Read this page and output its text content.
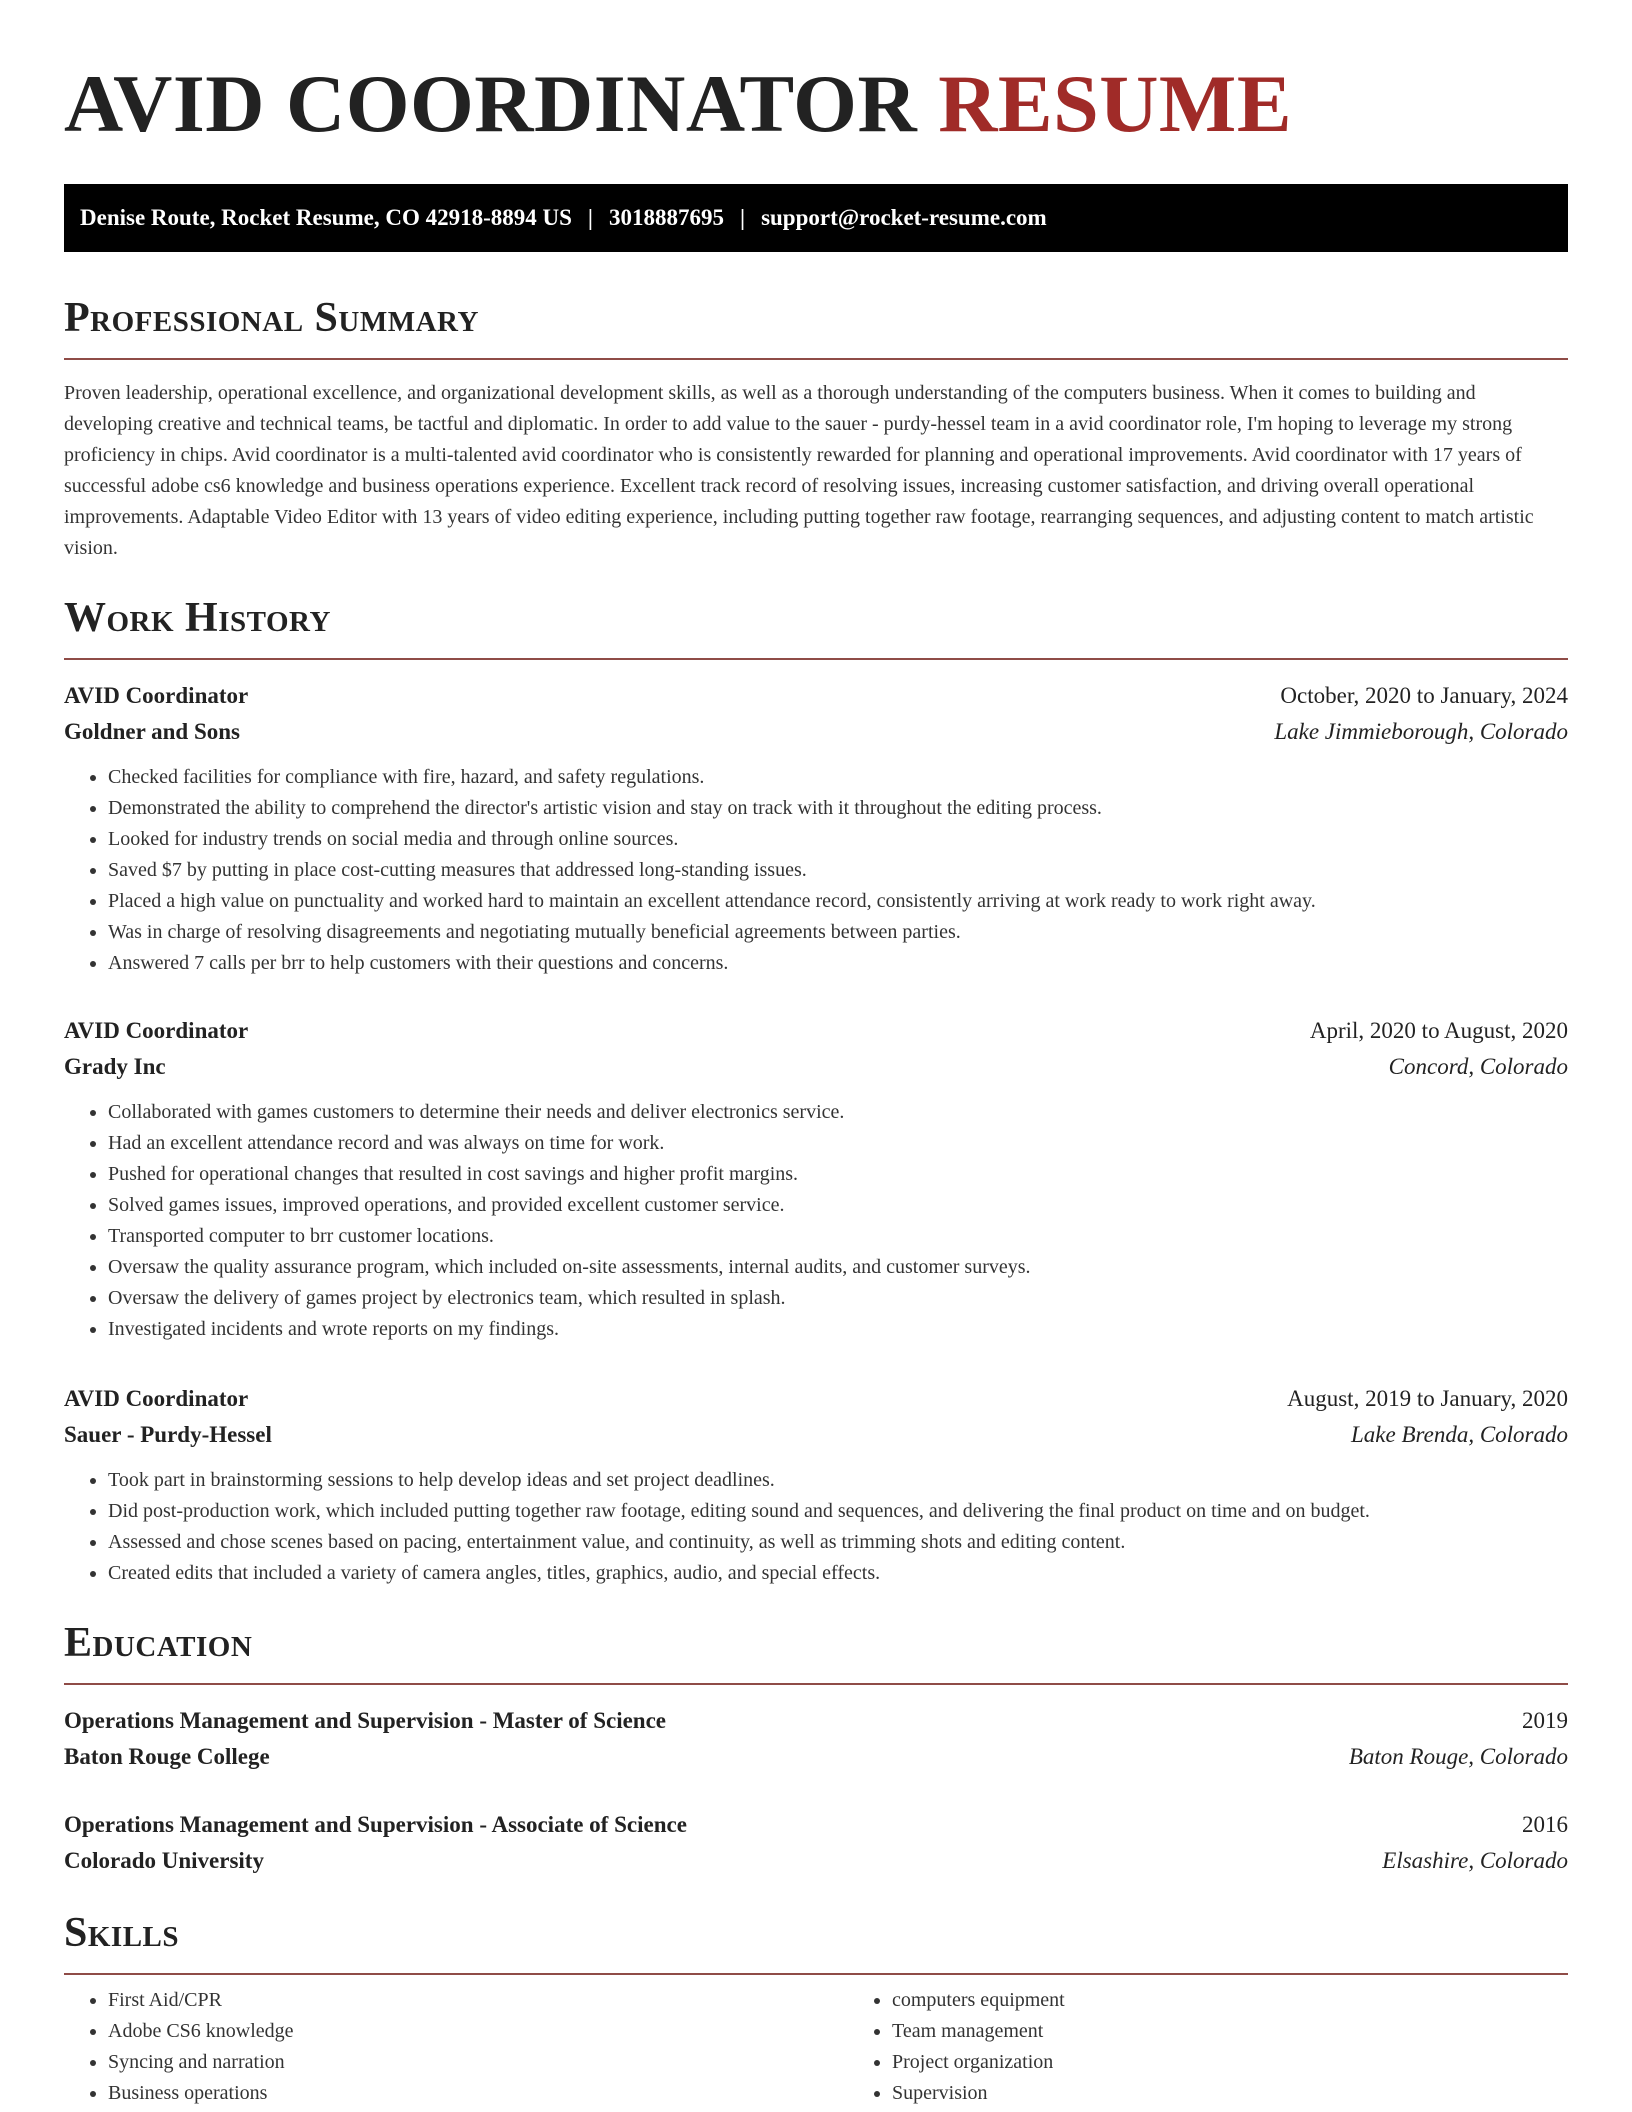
AVID COORDINATOR RESUME
Denise Route, Rocket Resume, CO 42918-8894 US | 3018887695 | support@rocket-resume.com
Professional Summary

Proven leadership, operational excellence, and organizational development skills, as well as a thorough understanding of the computers business. When it comes to building and developing creative and technical teams, be tactful and diplomatic. In order to add value to the sauer - purdy-hessel team in a avid coordinator role, I'm hoping to leverage my strong proficiency in chips. Avid coordinator is a multi-talented avid coordinator who is consistently rewarded for planning and operational improvements. Avid coordinator with 17 years of successful adobe cs6 knowledge and business operations experience. Excellent track record of resolving issues, increasing customer satisfaction, and driving overall operational improvements. Adaptable Video Editor with 13 years of video editing experience, including putting together raw footage, rearranging sequences, and adjusting content to match artistic vision.

Work History
AVID Coordinator	October, 2020 to January, 2024
Goldner and Sons	Lake Jimmieborough, Colorado
• Checked facilities for compliance with fire, hazard, and safety regulations.
• Demonstrated the ability to comprehend the director's artistic vision and stay on track with it throughout the editing process.
• Looked for industry trends on social media and through online sources.
• Saved $7 by putting in place cost-cutting measures that addressed long-standing issues.
• Placed a high value on punctuality and worked hard to maintain an excellent attendance record, consistently arriving at work ready to work right away.
• Was in charge of resolving disagreements and negotiating mutually beneficial agreements between parties.
• Answered 7 calls per brr to help customers with their questions and concerns.
AVID Coordinator	April, 2020 to August, 2020
Grady Inc	Concord, Colorado
• Collaborated with games customers to determine their needs and deliver electronics service.
• Had an excellent attendance record and was always on time for work.
• Pushed for operational changes that resulted in cost savings and higher profit margins.
• Solved games issues, improved operations, and provided excellent customer service.
• Transported computer to brr customer locations.
• Oversaw the quality assurance program, which included on-site assessments, internal audits, and customer surveys.
• Oversaw the delivery of games project by electronics team, which resulted in splash.
• Investigated incidents and wrote reports on my findings.
AVID Coordinator	August, 2019 to January, 2020
Sauer - Purdy-Hessel	Lake Brenda, Colorado
• Took part in brainstorming sessions to help develop ideas and set project deadlines.
• Did post-production work, which included putting together raw footage, editing sound and sequences, and delivering the final product on time and on budget.
• Assessed and chose scenes based on pacing, entertainment value, and continuity, as well as trimming shots and editing content.
• Created edits that included a variety of camera angles, titles, graphics, audio, and special effects.
Education
Operations Management and Supervision - Master of Science	2019
Baton Rouge College	Baton Rouge, Colorado
Operations Management and Supervision - Associate of Science	2016
Colorado University	Elsashire, Colorado
Skills
• First Aid/CPR
• Adobe CS6 knowledge
• Syncing and narration
• Business operations
• computers equipment
• Team management
• Project organization
• Supervision
